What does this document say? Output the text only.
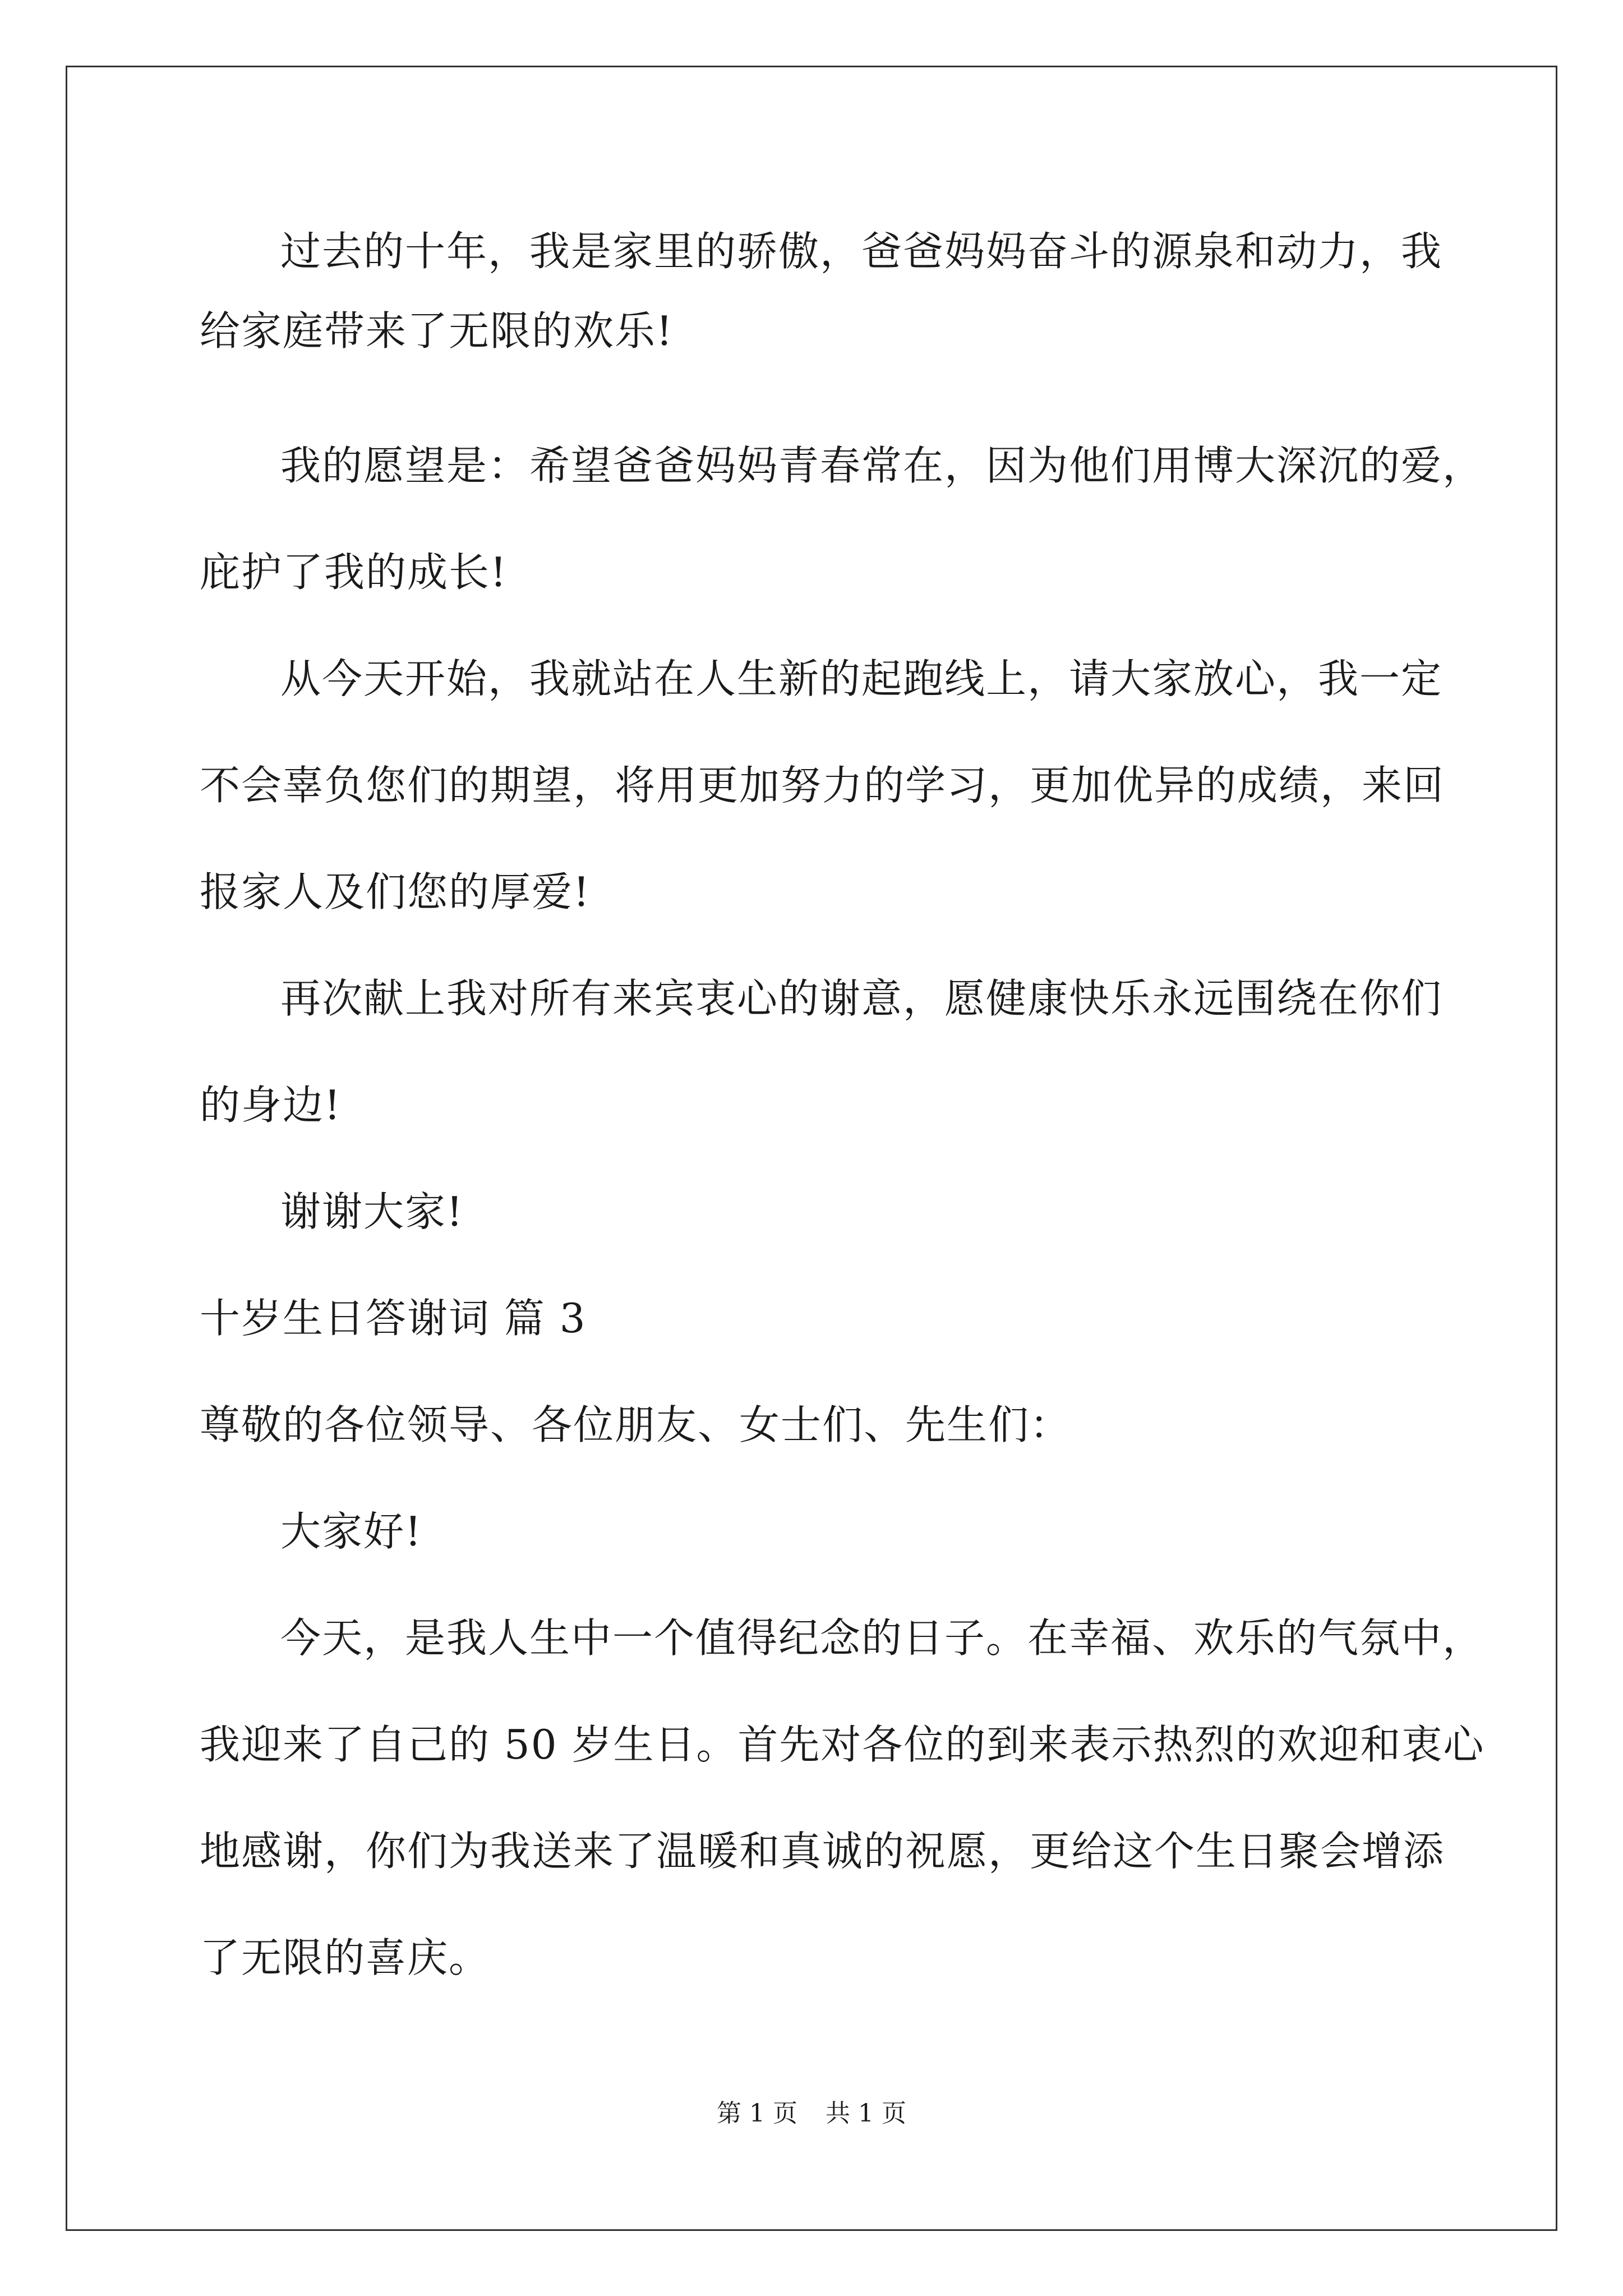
过去的十年，我是家里的骄傲，爸爸妈妈奋斗的源泉和动力，我
给家庭带来了无限的欢乐!
我的愿望是：希望爸爸妈妈青春常在，因为他们用博大深沉的爱，
庇护了我的成长!
从今天开始，我就站在人生新的起跑线上，请大家放心，我一定
不会辜负您们的期望，将用更加努力的学习，更加优异的成绩，来回
报家人及们您的厚爱!
再次献上我对所有来宾衷心的谢意，愿健康快乐永远围绕在你们
的身边!
谢谢大家!
十岁生日答谢词 篇 3
尊敬的各位领导、各位朋友、女士们、先生们：
大家好!
今天，是我人生中一个值得纪念的日子。在幸福、欢乐的气氛中，
我迎来了自己的 50 岁生日。首先对各位的到来表示热烈的欢迎和衷心
地感谢，你们为我送来了温暖和真诚的祝愿，更给这个生日聚会增添
了无限的喜庆。
第 1 页 共 1 页
